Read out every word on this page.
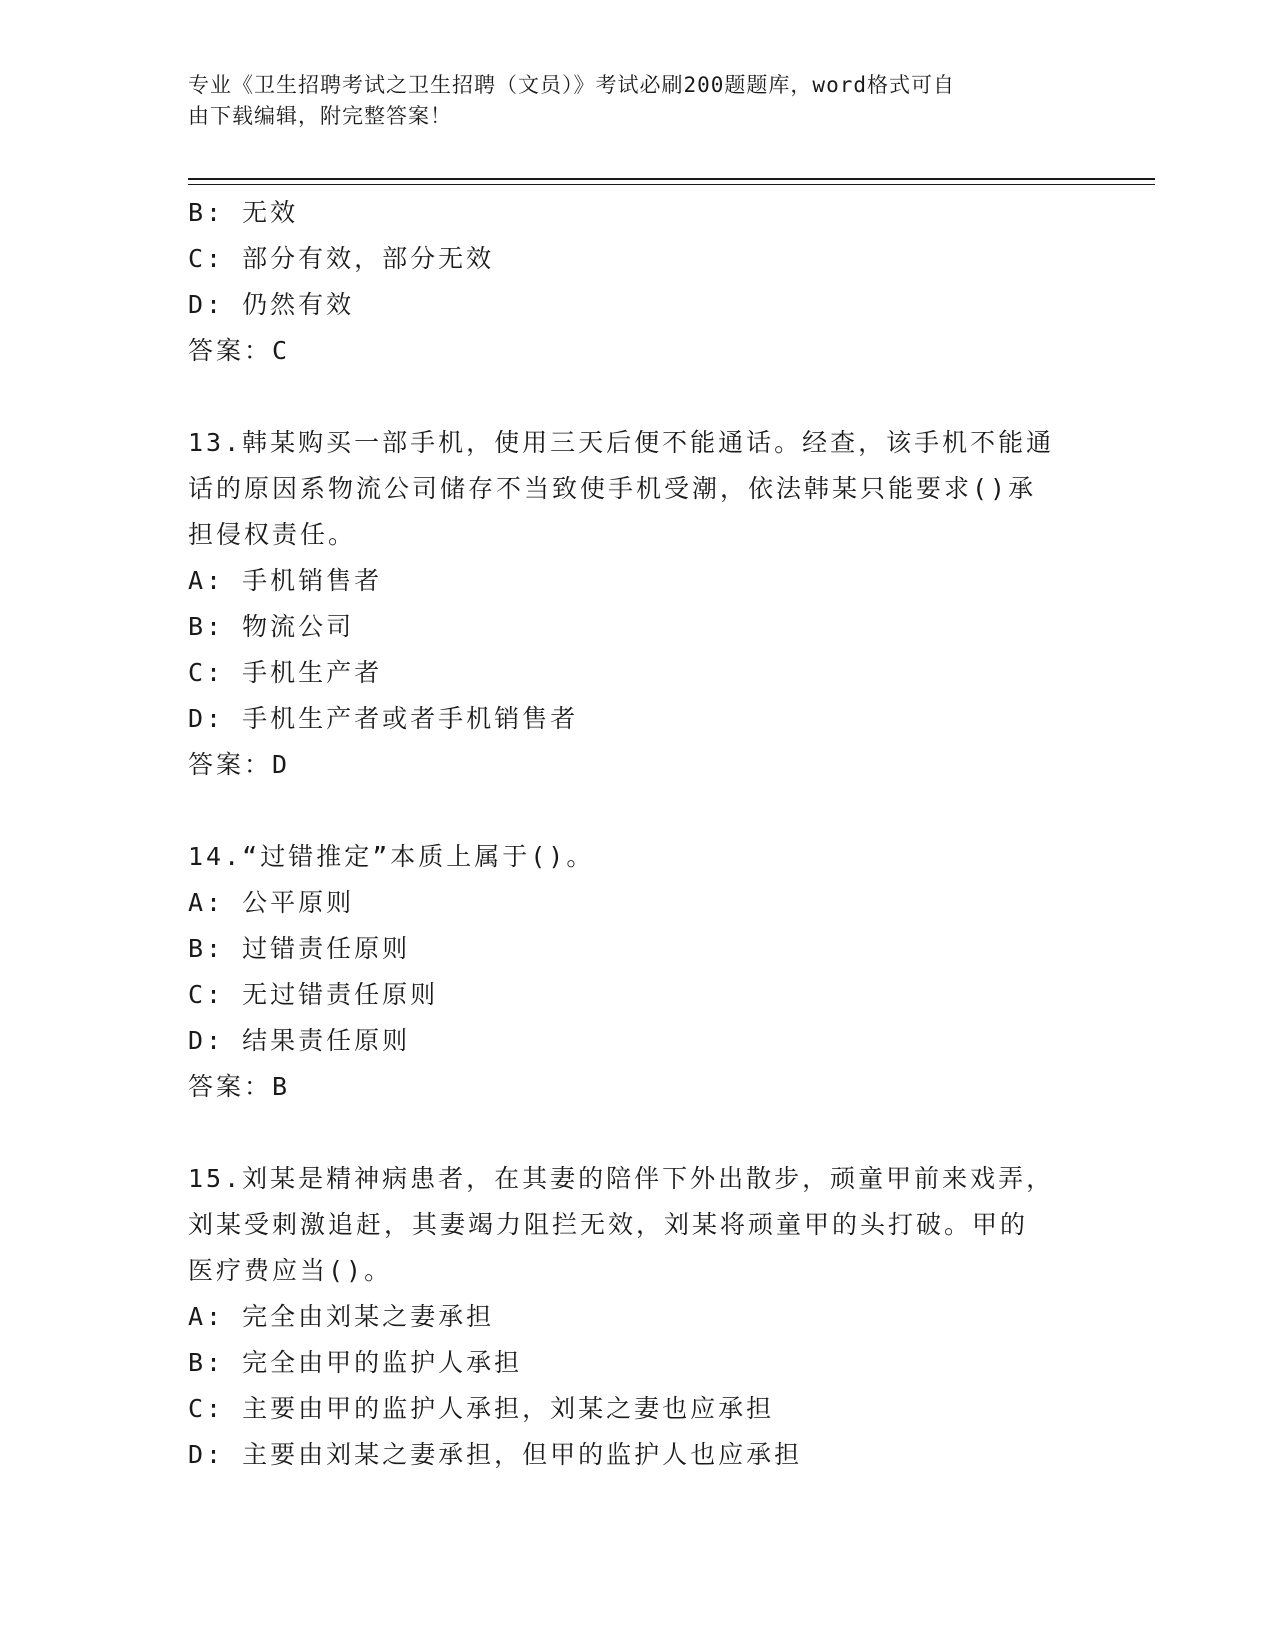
专业《卫生招聘考试之卫生招聘（文员）》考试必刷200题题库，word格式可自
由下载编辑，附完整答案！
B: 无效
C: 部分有效，部分无效
D: 仍然有效
答案：C
13.韩某购买一部手机，使用三天后便不能通话。经查，该手机不能通
话的原因系物流公司储存不当致使手机受潮，依法韩某只能要求()承
担侵权责任。
A: 手机销售者
B: 物流公司
C: 手机生产者
D: 手机生产者或者手机销售者
答案：D
14.“过错推定”本质上属于()。
A: 公平原则
B: 过错责任原则
C: 无过错责任原则
D: 结果责任原则
答案：B
15.刘某是精神病患者，在其妻的陪伴下外出散步，顽童甲前来戏弄，
刘某受刺激追赶，其妻竭力阻拦无效，刘某将顽童甲的头打破。甲的
医疗费应当()。
A: 完全由刘某之妻承担
B: 完全由甲的监护人承担
C: 主要由甲的监护人承担，刘某之妻也应承担
D: 主要由刘某之妻承担，但甲的监护人也应承担
